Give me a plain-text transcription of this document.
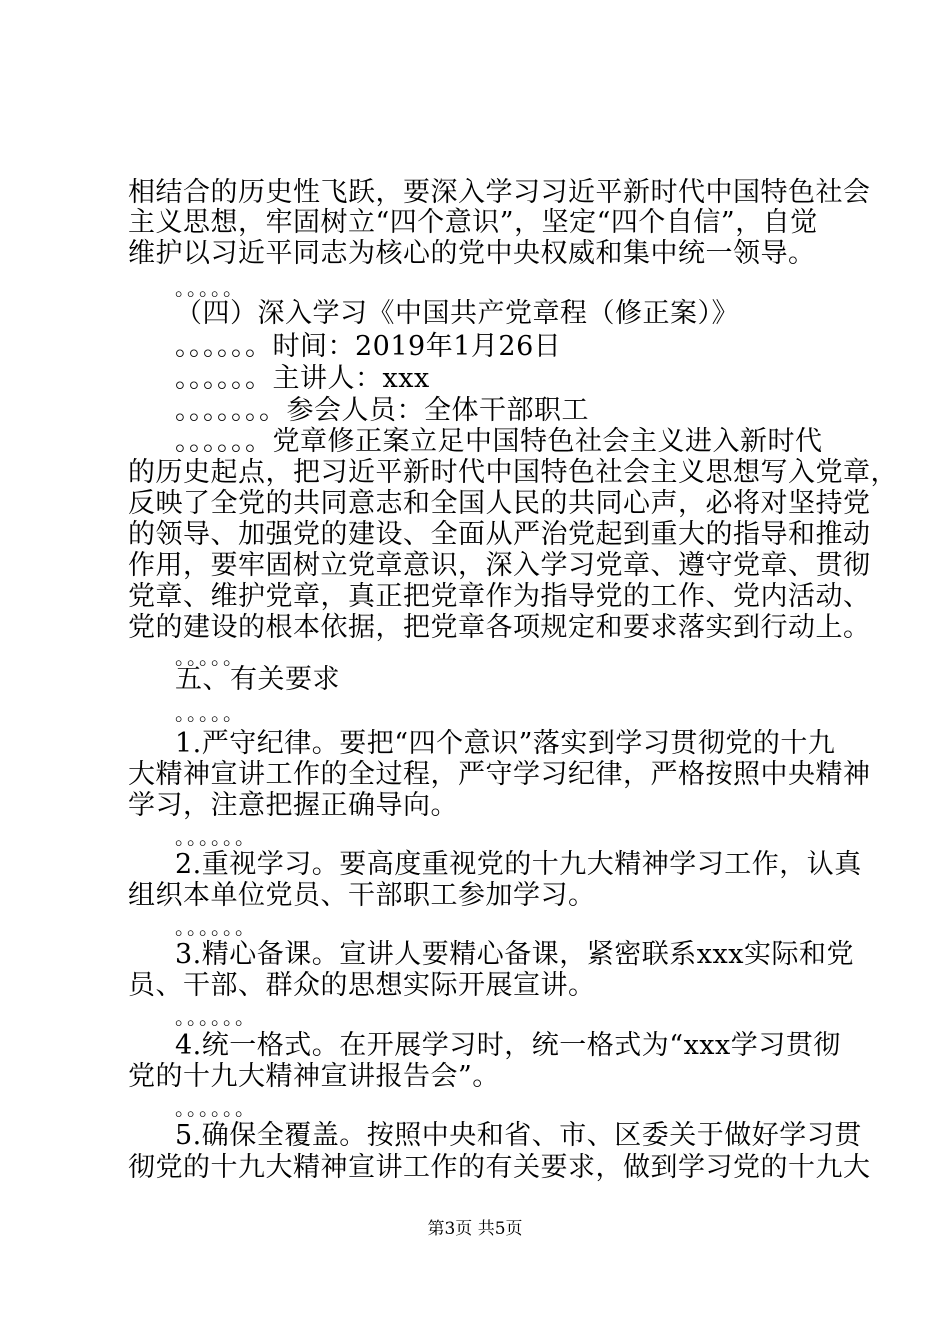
相结合的历史性飞跃，要深入学习习近平新时代中国特色社会
主义思想，牢固树立“四个意识”，坚定“四个自信”，自觉
维护以习近平同志为核心的党中央权威和集中统一领导。
。。。。。
（四）深入学习《中国共产党章程（修正案）》
。。。。。。时间：2019年1月26日
。。。。。。主讲人：xxx
。。。。。。。参会人员：全体干部职工
。。。。。。党章修正案立足中国特色社会主义进入新时代
的历史起点，把习近平新时代中国特色社会主义思想写入党章，
反映了全党的共同意志和全国人民的共同心声，必将对坚持党
的领导、加强党的建设、全面从严治党起到重大的指导和推动
作用，要牢固树立党章意识，深入学习党章、遵守党章、贯彻
党章、维护党章，真正把党章作为指导党的工作、党内活动、
党的建设的根本依据，把党章各项规定和要求落实到行动上。
。。。。。
五、有关要求
。。。。。
1.严守纪律。要把“四个意识”落实到学习贯彻党的十九
大精神宣讲工作的全过程，严守学习纪律，严格按照中央精神
学习，注意把握正确导向。
。。。。。。
2.重视学习。要高度重视党的十九大精神学习工作，认真
组织本单位党员、干部职工参加学习。
。。。。。。
3.精心备课。宣讲人要精心备课，紧密联系xxx实际和党
员、干部、群众的思想实际开展宣讲。
。。。。。。
4.统一格式。在开展学习时，统一格式为“xxx学习贯彻
党的十九大精神宣讲报告会”。
。。。。。。
5.确保全覆盖。按照中央和省、市、区委关于做好学习贯
彻党的十九大精神宣讲工作的有关要求，做到学习党的十九大
第3页 共5页
